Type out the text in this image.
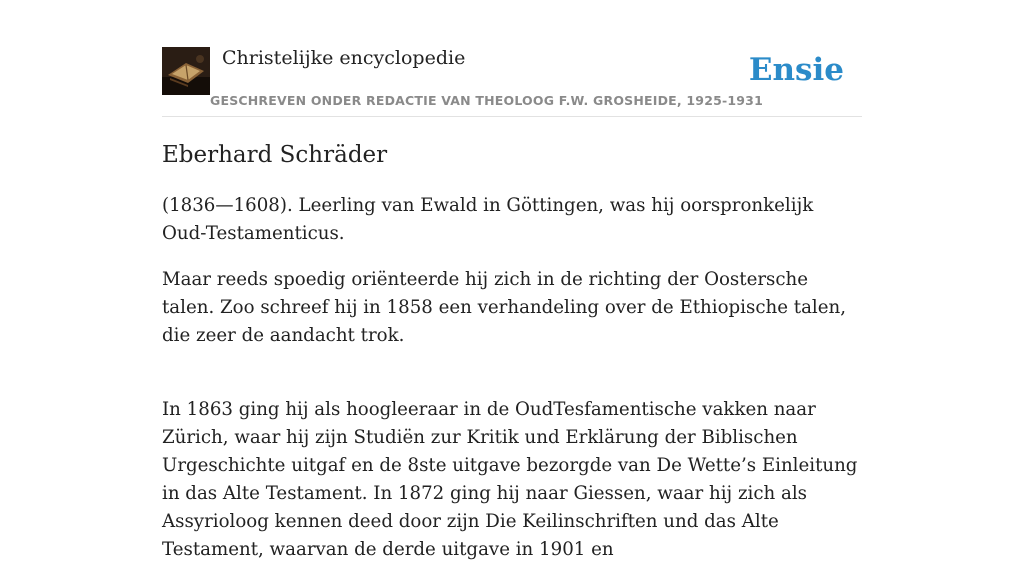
Christelijke encyclopedie
GESCHREVEN ONDER REDACTIE VAN THEOLOOG F.W. GROSHEIDE, 1925-1931
Ensie
Eberhard Schräder

(1836—1608). Leerling van Ewald in Göttingen, was hij oorspronkelijk Oud-Testamenticus.

Maar reeds spoedig oriënteerde hij zich in de richting der Oostersche talen. Zoo schreef hij in 1858 een verhandeling over de Ethiopische talen, die zeer de aandacht trok.

In 1863 ging hij als hoogleeraar in de OudTesfamentische vakken naar Zürich, waar hij zijn Studiën zur Kritik und Erklärung der Biblischen Urgeschichte uitgaf en de 8ste uitgave bezorgde van De Wette’s Einleitung in das Alte Testament. In 1872 ging hij naar Giessen, waar hij zich als Assyrioloog kennen deed door zijn Die Keilinschriften und das Alte Testament, waarvan de derde uitgave in 1901 en
